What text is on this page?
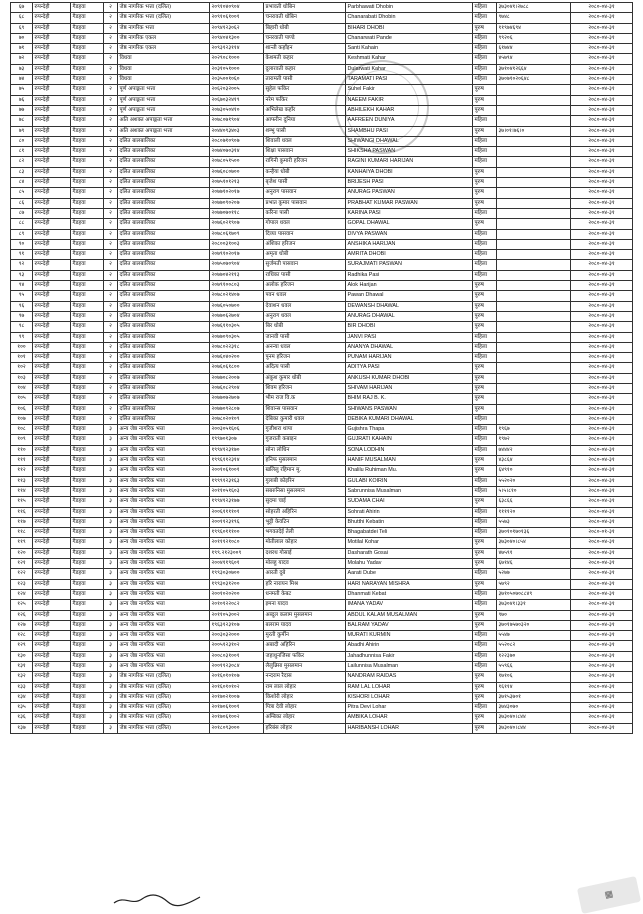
६७	रुपन्देही	गैडहवा	२	जेष्ठ नागरिक भत्ता (दलित)	२०९१०४०९०४	प्रभावती धोबिन	Parbhawati Dhobin	महिला	३७३०४१।२७८८	२०८०-०४-३१
६८	रुपन्देही	गैडहवा	२	जेष्ठ नागरिक भत्ता (दलित)	२०९१०६१००१	चनरावती धोबिन	Chanarabati Dhobin	महिला	९७४८	२०८०-०४-३१
६९	रुपन्देही	गैडहवा	२	जेष्ठ नागरिक भत्ता	२०९४१२३०६२	बिहारी धोबी	BIHARI DHOBI	पुरुष	११९७४६९४	२०८०-०४-३१
७०	रुपन्देही	गैडहवा	२	जेष्ठ नागरिक एकल	२०९४०४१३००	चनरवाती पाण्डे	Chanarwati Pande	महिला	९९२०६	२०८०-०४-३१
७१	रुपन्देही	गैडहवा	२	जेष्ठ नागरिक एकल	२०९३१२३११४	शान्ती कहाँइन	Santi Kahain	महिला	६१७४४	२०८०-०४-३१
७२	रुपन्देही	गैडहवा	२	विधवा	२०२९०८१०००	केशमती कहार	Keshmati Kahar	महिला	४५७९४	२०८०-०४-३१
७३	रुपन्देही	गैडहवा	२	विधवा	२०३१०५१०००	दुलारवती कहार	Dularwati Kahar	महिला	३७१०४१२६६४	२०८०-०४-३१
७४	रुपन्देही	गैडहवा	२	विधवा	२०३५००१०६०	तारामती पासी	TARAMATI PASI	महिला	३७०७१०२०६४८	२०८०-०४-३१
७५	रुपन्देही	गैडहवा	२	पूर्ण अपाङ्गता भत्ता	२०६२०३२००५	सुहेल फकिर	Suhel Fakir	पुरुष		२०८०-०४-३१
७६	रुपन्देही	गैडहवा	२	पूर्ण अपाङ्गता भत्ता	२०६७०३२४१९	नरेम फकिर	NAEEM FAKIR	पुरुष		२०८०-०४-३१
७७	रुपन्देही	गैडहवा	२	पूर्ण अपाङ्गता भत्ता	२०७३०५०४१०	अभिलेख कहाँर	ABHILEKH KAHAR	पुरुष		२०८०-०४-३१
७८	रुपन्देही	गैडहवा	२	अति अशक्त अपाङ्गता भत्ता	२०७८०७१९०४	आफरीन दुनिया	AAFREEN DUNIYA	महिला		२०८०-०४-३१
७९	रुपन्देही	गैडहवा	२	अति अशक्त अपाङ्गता भत्ता	२०४४०९३४०३	शम्भु पासी	SHAMBHU PASI	पुरुष	३७।०१।७६।०	२०८०-०४-३१
८०	रुपन्देही	गैडहवा	२	दलित बालबालिका	२०८०७१०९०७	शिवाली धवल	SHIWANGI DHAWAL	महिला		२०८०-०४-३१
८१	रुपन्देही	गैडहवा	२	दलित बालबालिका	२०७४०७०३१४	शिक्षा पासवान	SHIKSHA PASWAN	महिला		२०८०-०४-३१
८२	रुपन्देही	गैडहवा	२	दलित बालबालिका	२०७८०५१५००	रागिनी कुमारी हरिजन	RAGINI KUMARI HARIJAN	महिला		२०८०-०४-३१
८३	रुपन्देही	गैडहवा	२	दलित बालबालिका	२०७६०८०७००	कन्हैया धोबी	KANHAIYA DHOBI	पुरुष		२०८०-०४-३१
८४	रुपन्देही	गैडहवा	२	दलित बालबालिका	२०७५१०१२१३	बृजेश पासी	BRIJESH PASI	पुरुष		२०८०-०४-३१
८५	रुपन्देही	गैडहवा	२	दलित बालबालिका	२०७७१०२०१७	अनुराग पासवान	ANURAG PASWAN	पुरुष		२०८०-०४-३१
८६	रुपन्देही	गैडहवा	२	दलित बालबालिका	२०७७०९०२०७	प्रभात कुमार पासवान	PRABHAT KUMAR PASWAN	पुरुष		२०८०-०४-३१
८७	रुपन्देही	गैडहवा	२	दलित बालबालिका	२०७७०७०११८	करिना पासी	KARINA PASI	महिला		२०८०-०४-३१
८८	रुपन्देही	गैडहवा	२	दलित बालबालिका	२०७६०२१९०७	गोपाल धवल	GOPAL DHAWAL	पुरुष		२०८०-०४-३१
८९	रुपन्देही	गैडहवा	२	दलित बालबालिका	२०७८०६१७०९	दिव्या पासवान	DIVYA PASWAN	महिला		२०८०-०४-३१
९०	रुपन्देही	गैडहवा	२	दलित बालबालिका	२०८००३१००३	अंशिका हरिजन	ANSHIKA HARIJAN	महिला		२०८०-०४-३१
९१	रुपन्देही	गैडहवा	२	दलित बालबालिका	२०७९१०२०१७	अमृता धोबी	AMRITA DHOBI	महिला		२०८०-०४-३१
९२	रुपन्देही	गैडहवा	२	दलित बालबालिका	२०७५०७०९०४	सुर्जमती पासवान	SURAJMATI PASWAN	महिला		२०८०-०४-३१
९३	रुपन्देही	गैडहवा	२	दलित बालबालिका	२०७७०४२११३	राधिका पासी	Radhika Pasi	महिला		२०८०-०४-३१
९४	रुपन्देही	गैडहवा	२	दलित बालबालिका	२०७९१००८०३	अलोक हरिजन	Alok Harijan	पुरुष		२०८०-०४-३१
९५	रुपन्देही	गैडहवा	२	दलित बालबालिका	२०७८०२१४०७	पवन धवल	Pawan Dhawal	पुरुष		२०८०-०४-३१
९६	रुपन्देही	गैडहवा	२	दलित बालबालिका	२०७६०५०७००	देवाशन धवल	DEWANSH DHAWAL	पुरुष		२०८०-०४-३१
९७	रुपन्देही	गैडहवा	२	दलित बालबालिका	२०७७०६२७०४	अनुराग धवल	ANURAG DHAWAL	पुरुष		२०८०-०४-३१
९८	रुपन्देही	गैडहवा	२	दलित बालबालिका	२०७६११०३०५	बिर धोबी	BIR DHOBI	पुरुष		२०८०-०४-३१
९९	रुपन्देही	गैडहवा	२	दलित बालबालिका	२०७७०९०३०५	जानवी पासी	JANVI PASI	महिला		२०८०-०४-३१
१००	रुपन्देही	गैडहवा	२	दलित बालबालिका	२०७८०२२३१८	अनन्या धवल	ANANYA DHAWAL	महिला		२०८०-०४-३१
१०१	रुपन्देही	गैडहवा	२	दलित बालबालिका	२०७६०४०२००	पुनम हरिजन	PUNAM HARIJAN	महिला		२०८०-०४-३१
१०२	रुपन्देही	गैडहवा	२	दलित बालबालिका	२०७६०६१८००	अदित्य पासी	ADITYA PASI	पुरुष		२०८०-०४-३१
१०३	रुपन्देही	गैडहवा	२	दलित बालबालिका	२०७७०८२००७	अंकुश कुमार धोबी	ANKUSH KUMAR DHOBI	पुरुष		२०८०-०४-३१
१०४	रुपन्देही	गैडहवा	२	दलित बालबालिका	२०७६०८२९०४	शिवम हरिजन	SHIVAM HARIJAN	पुरुष		२०८०-०४-३१
१०५	रुपन्देही	गैडहवा	२	दलित बालबालिका	२०७७०७२७०७	भीम राज वि.क	BHIM RAJ B. K.	पुरुष		२०८०-०४-३१
१०६	रुपन्देही	गैडहवा	२	दलित बालबालिका	२०७७०९२८०७	शिवान्स पासवान	SHIWANS PASWAN	पुरुष		२०८०-०४-३१
१०७	रुपन्देही	गैडहवा	२	दलित बालबालिका	२०७८०२०१०९	देबिका कुमारी धवल	DEBIKA KUMARI DHAWAL	महिला		२०८०-०४-३१
१०८	रुपन्देही	गैडहवा	३	अन्य जेष्ठ नागरिक भत्ता	२००३०५१६०६	गुजीशरा थापा	Gujishra Thapa	महिला	१९६७	२०८०-०४-३१
१०९	रुपन्देही	गैडहवा	३	अन्य जेष्ठ नागरिक भत्ता	१९९७०१३०७	गुजराती कबाइन	GUJRATI KAHAIN	महिला	१९७२	२०८०-०४-३१
११०	रुपन्देही	गैडहवा	३	अन्य जेष्ठ नागरिक भत्ता	१९९४१२३१७०	सोना लोधिन	SONA LODHIN	महिला	७४४४२	२०८०-०४-३१
१११	रुपन्देही	गैडहवा	३	अन्य जेष्ठ नागरिक भत्ता	१९९६११२३१४	हनिफ मुसलमान	HANIF MUSALMAN	पुरुष	४३८६४	२०८०-०४-३१
११२	रुपन्देही	गैडहवा	३	अन्य जेष्ठ नागरिक भत्ता	२००१०६१००१	खलिलु रहिमान मु.	Khalilu Ruhiman Mu.	पुरुष	६४९१०	२०८०-०४-३१
११३	रुपन्देही	गैडहवा	३	अन्य जेष्ठ नागरिक भत्ता	१९९९१२३१६३	गुलाबी कोइरिन	GULABI KOIRIN	महिला	५५२०२०	२०८०-०४-३१
११४	रुपन्देही	गैडहवा	३	अन्य जेष्ठ नागरिक भत्ता	२०११०५१६०३	सबरुनिसा मुसलमान	Sabrunnisa Musalman	महिला	५।५।८१०	२०८०-०४-३१
११५	रुपन्देही	गैडहवा	३	अन्य जेष्ठ नागरिक भत्ता	१९९४१२३१७७	सुदमा चाई	SUDAMA CHAI	पुरुष	६३८६६	२०८०-०४-३१
११६	रुपन्देही	गैडहवा	३	अन्य जेष्ठ नागरिक भत्ता	२००६११११०१	सोहरती अहिरिन	Sohrati Ahirin	महिला	११११२०	२०८०-०४-३१
११७	रुपन्देही	गैडहवा	३	अन्य जेष्ठ नागरिक भत्ता	२००११२३१९६	भुट्टी केवटिन	Bhutthi Kebatin	महिला	५५७३	२०८०-०४-३१
११८	रुपन्देही	गैडहवा	३	अन्य जेष्ठ नागरिक भत्ता	१९९६०१११००	भगवतदेई तेली	Bhagabatdei Teli	महिला	३७०१०१७०१३६	२०८०-०१-३१
११९	रुपन्देही	गैडहवा	३	अन्य जेष्ठ नागरिक भत्ता	२०१११२१०८०	मोतीलाल कोहार	Motilal Kohar	पुरुष	३७३०४०।८५४	२०८०-०४-३१
१२०	रुपन्देही	गैडहवा	३	अन्य जेष्ठ नागरिक भत्ता	१९९.२१२३००९	दशरथ गोसाई	Dasharath Gosai	पुरुष	४७५९१	२०८०-०४-३१
१२१	रुपन्देही	गैडहवा	३	अन्य जेष्ठ नागरिक भत्ता	२००४११९६०१	मोलहु यादव	Molahu Yadav	पुरुष	६७१४६	२०८०-०४-३१
१२२	रुपन्देही	गैडहवा	३	अन्य जेष्ठ नागरिक भत्ता	१९९३०३०७००	आरती दुबे	Aarati Dube	महिला	५२७७	२०८०-०४-३१
१२३	रुपन्देही	गैडहवा	३	अन्य जेष्ठ नागरिक भत्ता	१९९३०३१२००	हरि नारायन मिश्र	HARI NARAYAN MISHRA	पुरुष	५७९२	२०८०-०४-३१
१२४	रुपन्देही	गैडहवा	३	अन्य जेष्ठ नागरिक भत्ता	२००१०२०२००	धनमती केबट	Dhanmati Kebat	महिला	३७१०५०७०८८४९	२०८०-०४-३१
१२५	रुपन्देही	गैडहवा	३	अन्य जेष्ठ नागरिक भत्ता	२०१०१२२०८२	इमना यादव	IMANA YADAV	महिला	३७३०४१।३३१	२०८०-०४-३१
१२६	रुपन्देही	गैडहवा	३	अन्य जेष्ठ नागरिक भत्ता	२०११०५३००२	अब्दुल कलाम मुसलमान	ABDUL KALAM MUSALMAN	पुरुष	९७०	२०८०-०४-३१
१२७	रुपन्देही	गैडहवा	३	अन्य जेष्ठ नागरिक भत्ता	१९६३१२३१०७	बलराम यादव	BALRAM YADAV	पुरुष	३७०१७५७०३२०	२०८०-०४-३१
१२८	रुपन्देही	गैडहवा	३	अन्य जेष्ठ नागरिक भत्ता	२००३०३२०००	मुरती कुर्मीन	MURATI KURMIN	महिला	५५४७	२०८०-०४-३१
१२९	रुपन्देही	गैडहवा	३	अन्य जेष्ठ नागरिक भत्ता	२००५१२३१०२	अबादी अहिरिन	Abadhi Ahirin	महिला	५५२०८२	२०८०-०४-३१
१३०	रुपन्देही	गैडहवा	३	अन्य जेष्ठ नागरिक भत्ता	२००८०३१००१	जहाधुनजिसा फकिर	Jahadhunnisa Fakir	महिला	१२२३७०	२०८०-०४-३१
१३१	रुपन्देही	गैडहवा	३	अन्य जेष्ठ नागरिक भत्ता	२००११२३०८४	लैलुन्निसा मुसलमान	Lailunnisa Musalman	महिला	५५९६६	२०८०-०४-३१
१३२	रुपन्देही	गैडहवा	३	जेष्ठ नागरिक भत्ता (दलित)	२०१६०१०१०७	नन्दराम रैदास	NANDRAM RAIDAS	पुरुष	१७१०६	२०८०-०४-३१
१३३	रुपन्देही	गैडहवा	३	जेष्ठ नागरिक भत्ता (दलित)	२०१६०१०१०२	राम लाल लोहार	RAM LAL LOHAR	पुरुष	१६११४	२०८०-०४-३१
१३४	रुपन्देही	गैडहवा	३	जेष्ठ नागरिक भत्ता (दलित)	२०१७०२१००७	किशोरी लोहार	KISHORI LOHAR	पुरुष	३७१५३७०१	२०८०-०४-३१
१३५	रुपन्देही	गैडहवा	३	जेष्ठ नागरिक भत्ता (दलित)	२०१७०६१००१	पित्रा देवी लोहार	Pitra Devi Lohar	महिला	३७४३०७०	२०८०-०४-३१
१३६	रुपन्देही	गैडहवा	३	जेष्ठ नागरिक भत्ता (दलित)	२०१७०६१००२	अम्बिका लोहार	AMBIKA LOHAR	पुरुष	३७३०४०।८४४	२०८०-०४-३१
१३७	रुपन्देही	गैडहवा	३	जेष्ठ नागरिक भत्ता (दलित)	२०१८०९३०००	हरिबंस लोहार	HARIBANSH LOHAR	पुरुष	३७३०४०।८४४	२०८०-०४-३१
▦
